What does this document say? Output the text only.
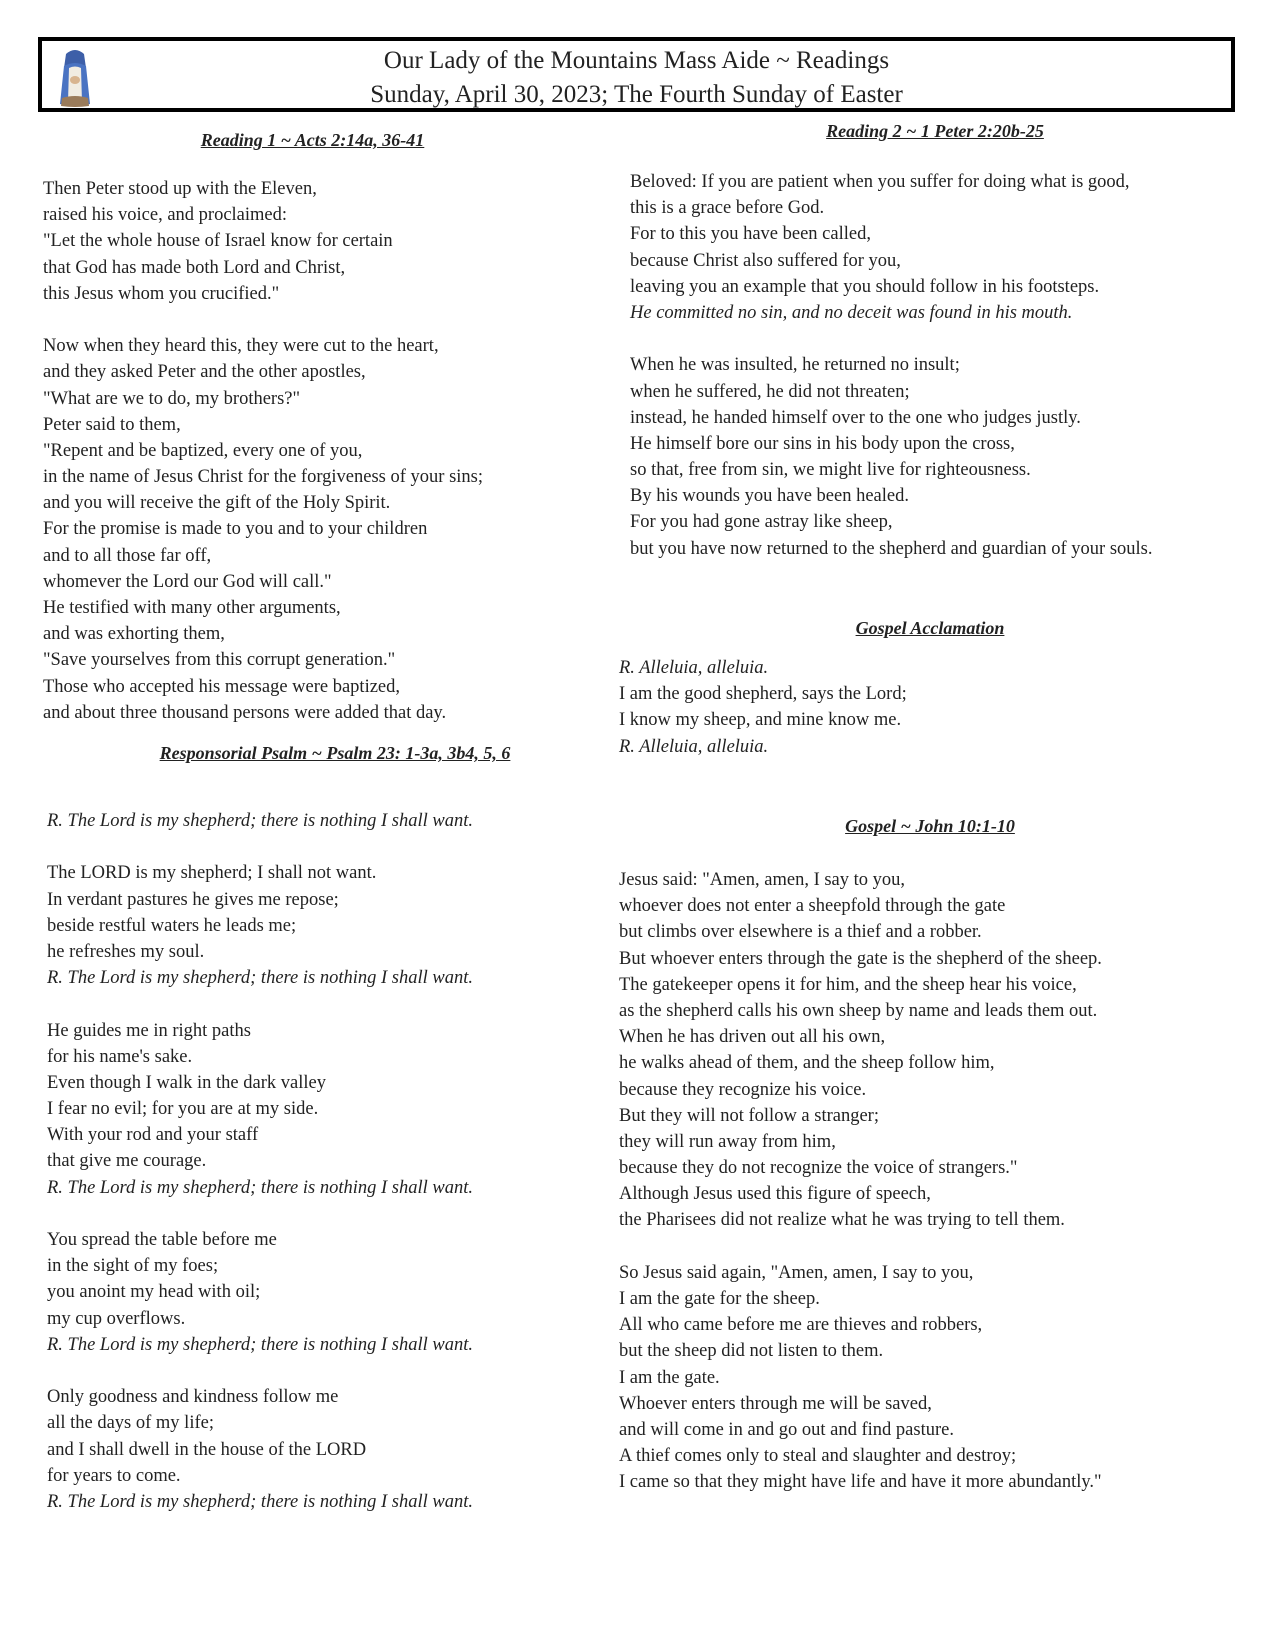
Our Lady of the Mountains Mass Aide ~ Readings
Sunday, April 30, 2023; The Fourth Sunday of Easter
Reading 1 ~ Acts 2:14a, 36-41
Then Peter stood up with the Eleven,
raised his voice, and proclaimed:
"Let the whole house of Israel know for certain
that God has made both Lord and Christ,
this Jesus whom you crucified."
Now when they heard this, they were cut to the heart,
and they asked Peter and the other apostles,
"What are we to do, my brothers?"
Peter said to them,
"Repent and be baptized, every one of you,
in the name of Jesus Christ for the forgiveness of your sins;
and you will receive the gift of the Holy Spirit.
For the promise is made to you and to your children
and to all those far off,
whomever the Lord our God will call."
He testified with many other arguments,
and was exhorting them,
"Save yourselves from this corrupt generation."
Those who accepted his message were baptized,
and about three thousand persons were added that day.
Responsorial Psalm ~ Psalm 23: 1-3a, 3b4, 5, 6
R. The Lord is my shepherd; there is nothing I shall want.
The LORD is my shepherd; I shall not want.
In verdant pastures he gives me repose;
beside restful waters he leads me;
he refreshes my soul.
R. The Lord is my shepherd; there is nothing I shall want.
He guides me in right paths
for his name's sake.
Even though I walk in the dark valley
I fear no evil; for you are at my side.
With your rod and your staff
that give me courage.
R. The Lord is my shepherd; there is nothing I shall want.
You spread the table before me
in the sight of my foes;
you anoint my head with oil;
my cup overflows.
R. The Lord is my shepherd; there is nothing I shall want.
Only goodness and kindness follow me
all the days of my life;
and I shall dwell in the house of the LORD
for years to come.
R. The Lord is my shepherd; there is nothing I shall want.
Reading 2 ~ 1 Peter 2:20b-25
Beloved: If you are patient when you suffer for doing what is good,
this is a grace before God.
For to this you have been called,
because Christ also suffered for you,
leaving you an example that you should follow in his footsteps.
He committed no sin, and no deceit was found in his mouth.
When he was insulted, he returned no insult;
when he suffered, he did not threaten;
instead, he handed himself over to the one who judges justly.
He himself bore our sins in his body upon the cross,
so that, free from sin, we might live for righteousness.
By his wounds you have been healed.
For you had gone astray like sheep,
but you have now returned to the shepherd and guardian of your souls.
Gospel Acclamation
R. Alleluia, alleluia.
I am the good shepherd, says the Lord;
I know my sheep, and mine know me.
R. Alleluia, alleluia.
Gospel ~ John 10:1-10
Jesus said: "Amen, amen, I say to you,
whoever does not enter a sheepfold through the gate
but climbs over elsewhere is a thief and a robber.
But whoever enters through the gate is the shepherd of the sheep.
The gatekeeper opens it for him, and the sheep hear his voice,
as the shepherd calls his own sheep by name and leads them out.
When he has driven out all his own,
he walks ahead of them, and the sheep follow him,
because they recognize his voice.
But they will not follow a stranger;
they will run away from him,
because they do not recognize the voice of strangers."
Although Jesus used this figure of speech,
the Pharisees did not realize what he was trying to tell them.
So Jesus said again, "Amen, amen, I say to you,
I am the gate for the sheep.
All who came before me are thieves and robbers,
but the sheep did not listen to them.
I am the gate.
Whoever enters through me will be saved,
and will come in and go out and find pasture.
A thief comes only to steal and slaughter and destroy;
I came so that they might have life and have it more abundantly."
